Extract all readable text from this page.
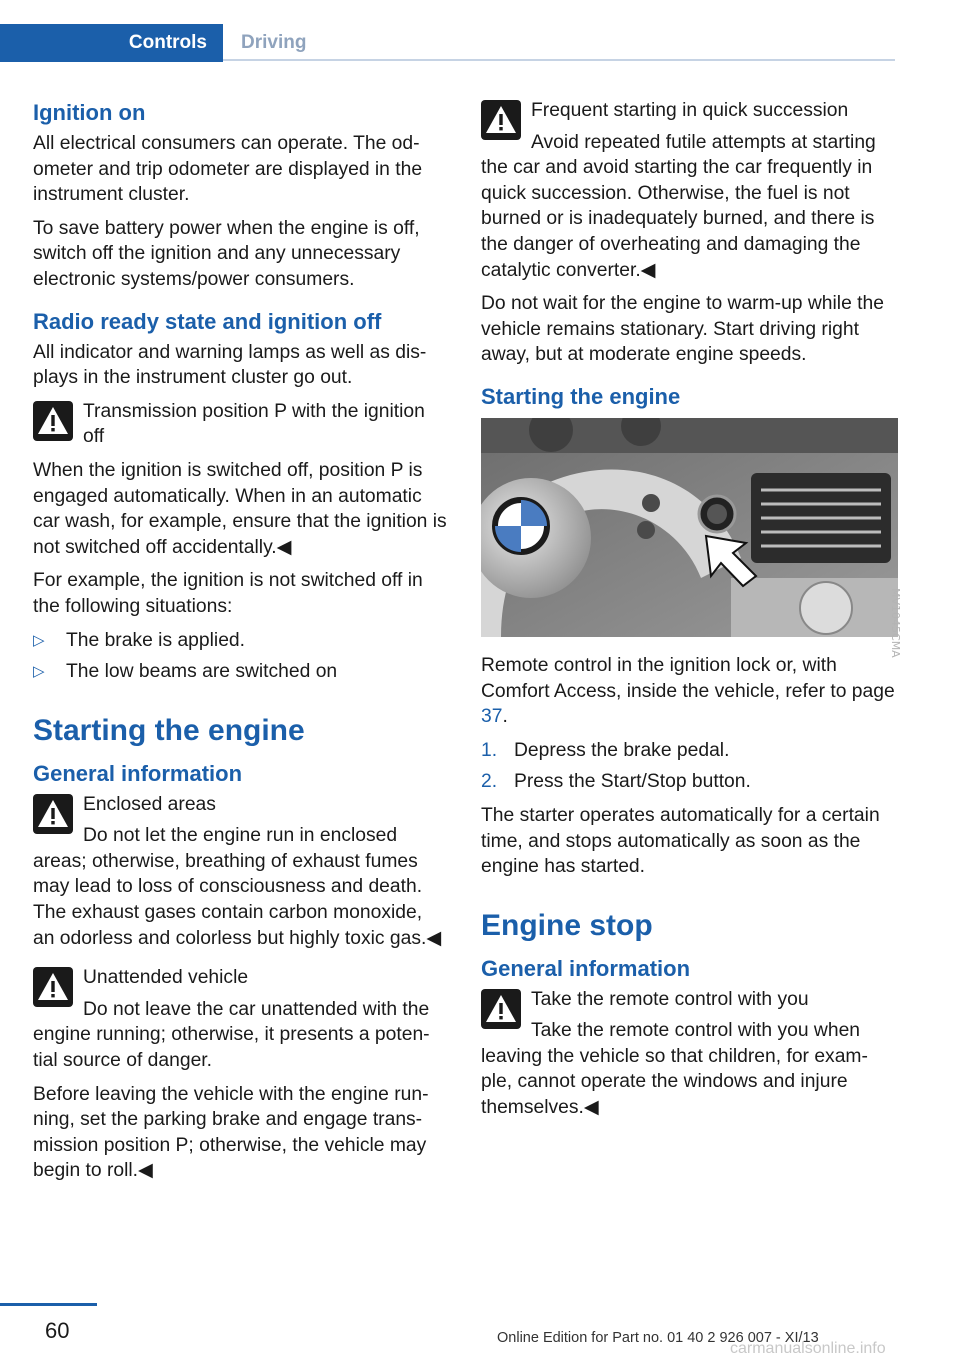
Controls	Driving
Ignition on

All electrical consumers can operate. The od‐ometer and trip odometer are displayed in the instrument cluster.

To save battery power when the engine is off, switch off the ignition and any unnecessary electronic systems/power consumers.

Radio ready state and ignition off

All indicator and warning lamps as well as dis‐plays in the instrument cluster go out.

Transmission position P with the ignition off

When the ignition is switched off, position P is engaged automatically. When in an automatic car wash, for example, ensure that the ignition is not switched off accidentally.◀

For example, the ignition is not switched off in the following situations:

▷ The brake is applied.
▷ The low beams are switched on
Starting the engine
General information

Enclosed areas

Do not let the engine run in enclosed areas; otherwise, breathing of exhaust fumes may lead to loss of consciousness and death. The exhaust gases contain carbon monoxide, an odorless and colorless but highly toxic gas.◀

Unattended vehicle

Do not leave the car unattended with the engine running; otherwise, it presents a poten‐tial source of danger.

Before leaving the vehicle with the engine run‐ning, set the parking brake and engage trans‐mission position P; otherwise, the vehicle may begin to roll.◀

Frequent starting in quick succession

Avoid repeated futile attempts at starting the car and avoid starting the car frequently in quick succession. Otherwise, the fuel is not burned or is inadequately burned, and there is the danger of overheating and damaging the catalytic converter.◀

Do not wait for the engine to warm-up while the vehicle remains stationary. Start driving right away, but at moderate engine speeds.

Starting the engine

Remote control in the ignition lock or, with Comfort Access, inside the vehicle, refer to page 37.

1. Depress the brake pedal.
2. Press the Start/Stop button.

The starter operates automatically for a certain time, and stops automatically as soon as the engine has started.

Engine stop
General information

Take the remote control with you

Take the remote control with you when leaving the vehicle so that children, for exam‐ple, cannot operate the windows and injure themselves.◀

MV1045CMA
60	Online Edition for Part no. 01 40 2 926 007 - XI/13
carmanualsonline.info
